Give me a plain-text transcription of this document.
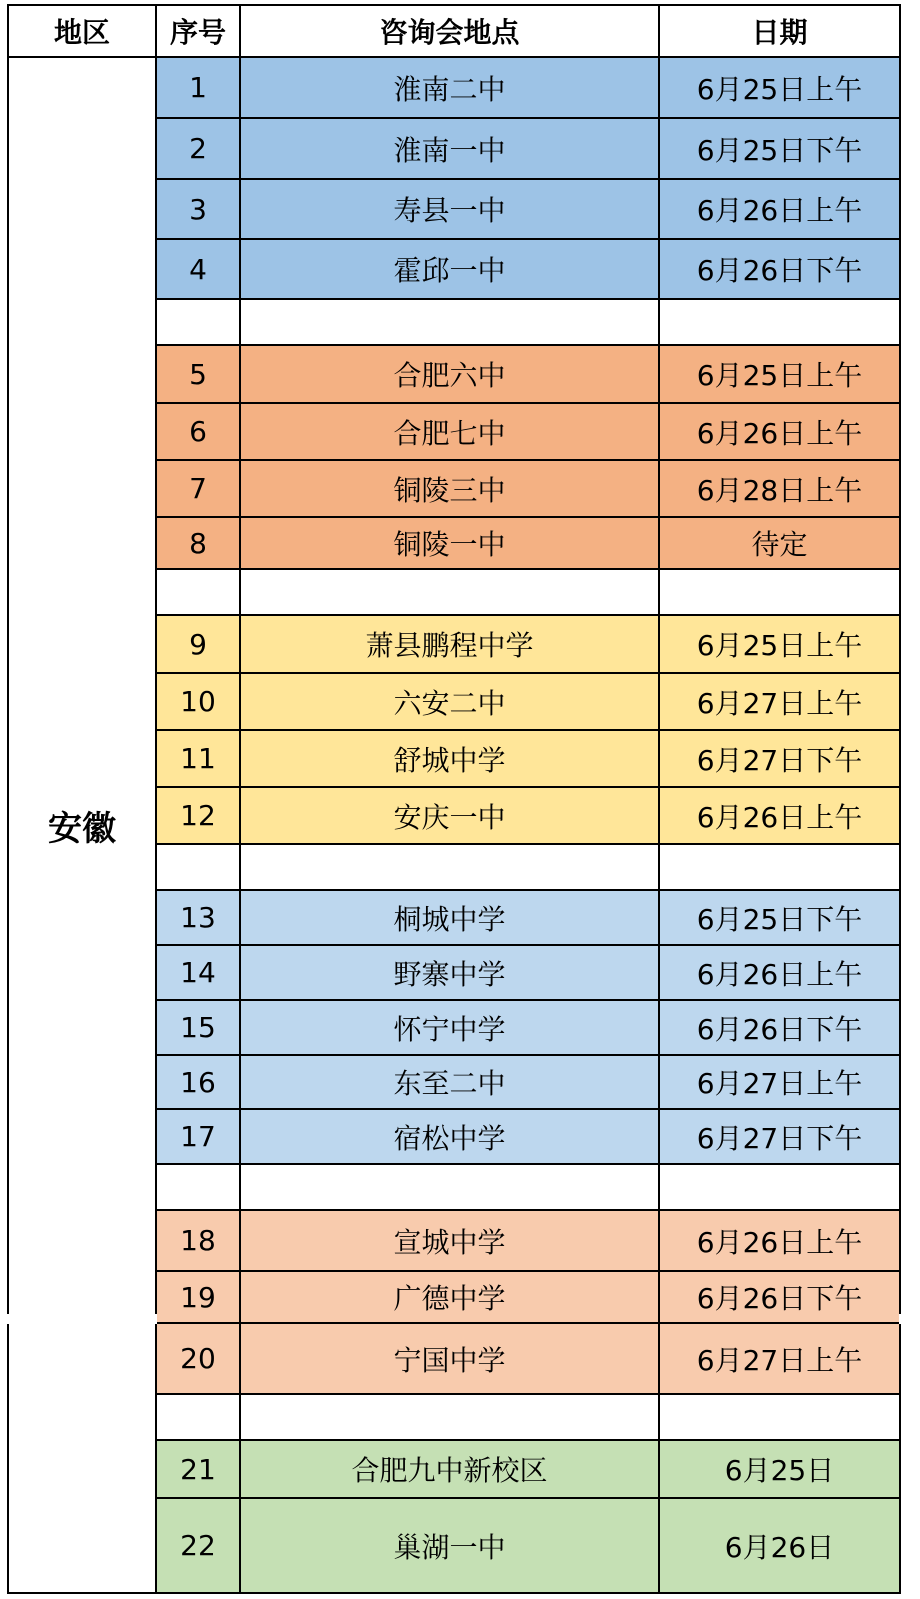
地区	序号	咨询会地点	日期
安徽
1	淮南二中	6月25日上午
2	淮南一中	6月25日下午
3	寿县一中	6月26日上午
4	霍邱一中	6月26日下午
5	合肥六中	6月25日上午
6	合肥七中	6月26日上午
7	铜陵三中	6月28日上午
8	铜陵一中	待定
9	萧县鹏程中学	6月25日上午
10	六安二中	6月27日上午
11	舒城中学	6月27日下午
12	安庆一中	6月26日上午
13	桐城中学	6月25日下午
14	野寨中学	6月26日上午
15	怀宁中学	6月26日下午
16	东至二中	6月27日上午
17	宿松中学	6月27日下午
18	宣城中学	6月26日上午
19	广德中学	6月26日下午
20	宁国中学	6月27日上午
21	合肥九中新校区	6月25日
22	巢湖一中	6月26日
